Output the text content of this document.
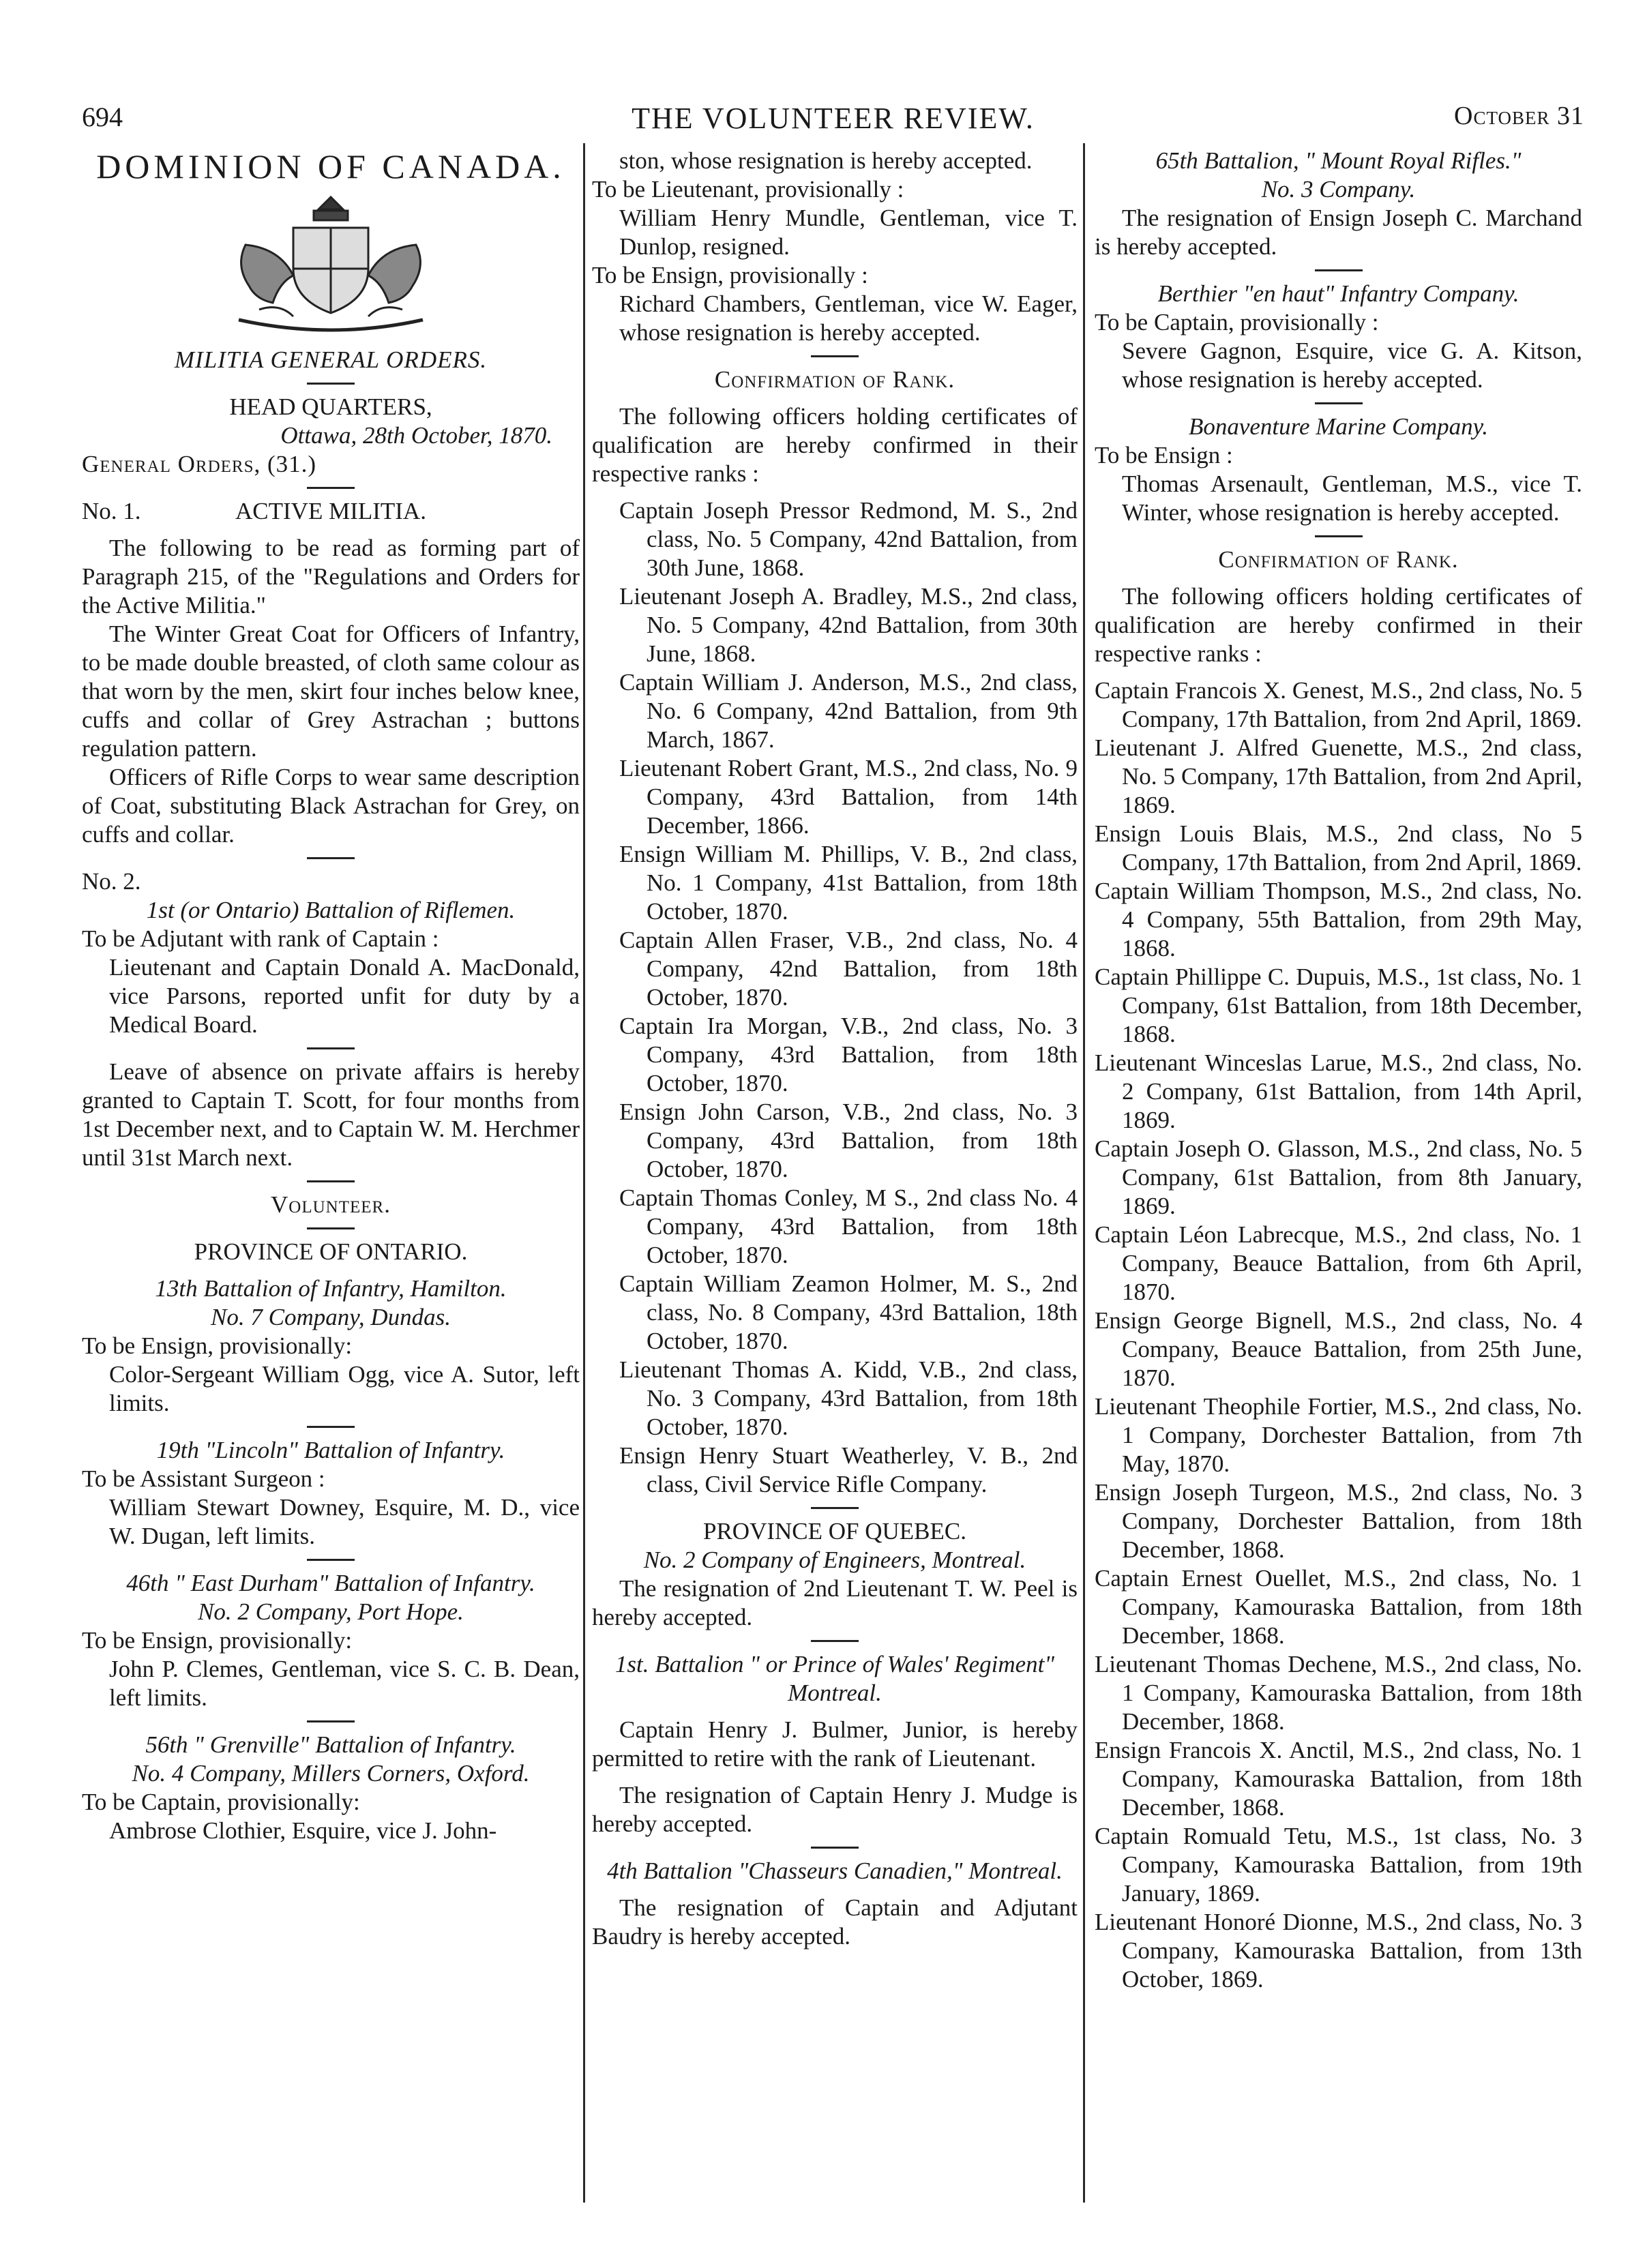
694	THE VOLUNTEER REVIEW.	October 31
DOMINION OF CANADA.
MILITIA GENERAL ORDERS.
HEAD QUARTERS,
Ottawa, 28th October, 1870.
General Orders, (31.)
No. 1.	ACTIVE MILITIA.

The following to be read as forming part of Paragraph 215, of the "Regulations and Orders for the Active Militia."

The Winter Great Coat for Officers of Infantry, to be made double breasted, of cloth same colour as that worn by the men, skirt four inches below knee, cuffs and collar of Grey Astrachan ; buttons regulation pattern.

Officers of Rifle Corps to wear same description of Coat, substituting Black Astrachan for Grey, on cuffs and collar.

No. 2.
1st (or Ontario) Battalion of Riflemen.

To be Adjutant with rank of Captain :

Lieutenant and Captain Donald A. MacDonald, vice Parsons, reported unfit for duty by a Medical Board.

Leave of absence on private affairs is hereby granted to Captain T. Scott, for four months from 1st December next, and to Captain W. M. Herchmer until 31st March next.

Volunteer.
PROVINCE OF ONTARIO.
13th Battalion of Infantry, Hamilton.
No. 7 Company, Dundas.

To be Ensign, provisionally:

Color-Sergeant William Ogg, vice A. Sutor, left limits.

19th "Lincoln" Battalion of Infantry.

To be Assistant Surgeon :

William Stewart Downey, Esquire, M. D., vice W. Dugan, left limits.

46th " East Durham" Battalion of Infantry.
No. 2 Company, Port Hope.

To be Ensign, provisionally:

John P. Clemes, Gentleman, vice S. C. B. Dean, left limits.

56th " Grenville" Battalion of Infantry.
No. 4 Company, Millers Corners, Oxford.

To be Captain, provisionally:

Ambrose Clothier, Esquire, vice J. John-

ston, whose resignation is hereby accepted.

To be Lieutenant, provisionally :

William Henry Mundle, Gentleman, vice T. Dunlop, resigned.

To be Ensign, provisionally :

Richard Chambers, Gentleman, vice W. Eager, whose resignation is hereby accepted.

Confirmation of Rank.

The following officers holding certificates of qualification are hereby confirmed in their respective ranks :

Captain Joseph Pressor Redmond, M. S., 2nd class, No. 5 Company, 42nd Battalion, from 30th June, 1868.

Lieutenant Joseph A. Bradley, M.S., 2nd class, No. 5 Company, 42nd Battalion, from 30th June, 1868.

Captain William J. Anderson, M.S., 2nd class, No. 6 Company, 42nd Battalion, from 9th March, 1867.

Lieutenant Robert Grant, M.S., 2nd class, No. 9 Company, 43rd Battalion, from 14th December, 1866.

Ensign William M. Phillips, V. B., 2nd class, No. 1 Company, 41st Battalion, from 18th October, 1870.

Captain Allen Fraser, V.B., 2nd class, No. 4 Company, 42nd Battalion, from 18th October, 1870.

Captain Ira Morgan, V.B., 2nd class, No. 3 Company, 43rd Battalion, from 18th October, 1870.

Ensign John Carson, V.B., 2nd class, No. 3 Company, 43rd Battalion, from 18th October, 1870.

Captain Thomas Conley, M S., 2nd class No. 4 Company, 43rd Battalion, from 18th October, 1870.

Captain William Zeamon Holmer, M. S., 2nd class, No. 8 Company, 43rd Battalion, 18th October, 1870.

Lieutenant Thomas A. Kidd, V.B., 2nd class, No. 3 Company, 43rd Battalion, from 18th October, 1870.

Ensign Henry Stuart Weatherley, V. B., 2nd class, Civil Service Rifle Company.

PROVINCE OF QUEBEC.
No. 2 Company of Engineers, Montreal.

The resignation of 2nd Lieutenant T. W. Peel is hereby accepted.

1st. Battalion " or Prince of Wales' Regiment" Montreal.

Captain Henry J. Bulmer, Junior, is hereby permitted to retire with the rank of Lieutenant.

The resignation of Captain Henry J. Mudge is hereby accepted.

4th Battalion "Chasseurs Canadien," Montreal.

The resignation of Captain and Adjutant Baudry is hereby accepted.

65th Battalion, " Mount Royal Rifles."
No. 3 Company.

The resignation of Ensign Joseph C. Marchand is hereby accepted.

Berthier "en haut" Infantry Company.

To be Captain, provisionally :

Severe Gagnon, Esquire, vice G. A. Kitson, whose resignation is hereby accepted.

Bonaventure Marine Company.

To be Ensign :

Thomas Arsenault, Gentleman, M.S., vice T. Winter, whose resignation is hereby accepted.

Confirmation of Rank.

The following officers holding certificates of qualification are hereby confirmed in their respective ranks :

Captain Francois X. Genest, M.S., 2nd class, No. 5 Company, 17th Battalion, from 2nd April, 1869.

Lieutenant J. Alfred Guenette, M.S., 2nd class, No. 5 Company, 17th Battalion, from 2nd April, 1869.

Ensign Louis Blais, M.S., 2nd class, No 5 Company, 17th Battalion, from 2nd April, 1869.

Captain William Thompson, M.S., 2nd class, No. 4 Company, 55th Battalion, from 29th May, 1868.

Captain Phillippe C. Dupuis, M.S., 1st class, No. 1 Company, 61st Battalion, from 18th December, 1868.

Lieutenant Winceslas Larue, M.S., 2nd class, No. 2 Company, 61st Battalion, from 14th April, 1869.

Captain Joseph O. Glasson, M.S., 2nd class, No. 5 Company, 61st Battalion, from 8th January, 1869.

Captain Léon Labrecque, M.S., 2nd class, No. 1 Company, Beauce Battalion, from 6th April, 1870.

Ensign George Bignell, M.S., 2nd class, No. 4 Company, Beauce Battalion, from 25th June, 1870.

Lieutenant Theophile Fortier, M.S., 2nd class, No. 1 Company, Dorchester Battalion, from 7th May, 1870.

Ensign Joseph Turgeon, M.S., 2nd class, No. 3 Company, Dorchester Battalion, from 18th December, 1868.

Captain Ernest Ouellet, M.S., 2nd class, No. 1 Company, Kamouraska Battalion, from 18th December, 1868.

Lieutenant Thomas Dechene, M.S., 2nd class, No. 1 Company, Kamouraska Battalion, from 18th December, 1868.

Ensign Francois X. Anctil, M.S., 2nd class, No. 1 Company, Kamouraska Battalion, from 18th December, 1868.

Captain Romuald Tetu, M.S., 1st class, No. 3 Company, Kamouraska Battalion, from 19th January, 1869.

Lieutenant Honoré Dionne, M.S., 2nd class, No. 3 Company, Kamouraska Battalion, from 13th October, 1869.
